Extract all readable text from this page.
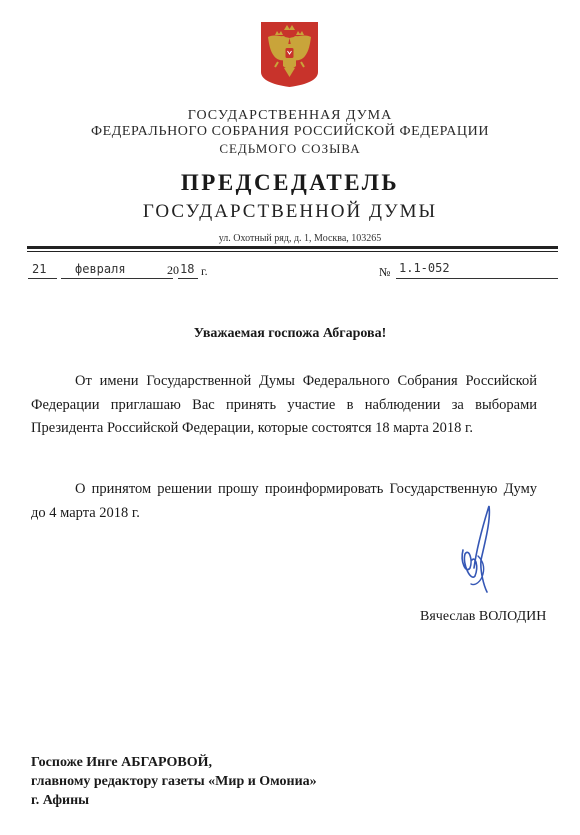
ГОСУДАРСТВЕННАЯ ДУМА
ФЕДЕРАЛЬНОГО СОБРАНИЯ РОССИЙСКОЙ ФЕДЕРАЦИИ
СЕДЬМОГО СОЗЫВА
ПРЕДСЕДАТЕЛЬ
ГОСУДАРСТВЕННОЙ ДУМЫ
ул. Охотный ряд, д. 1, Москва, 103265
21 февраля	20 18 г.	№ 1.1-052
Уважаемая госпожа Абгарова!
От имени Государственной Думы Федерального Собрания Российской Федерации приглашаю Вас принять участие в наблюдении за выборами Президента Российской Федерации, которые состоятся 18 марта 2018 г.
О принятом решении прошу проинформировать Государственную Думу до 4 марта 2018 г.
Вячеслав ВОЛОДИН
Госпоже Инге АБГАРОВОЙ,
главному редактору газеты «Мир и Омониа»
г. Афины
